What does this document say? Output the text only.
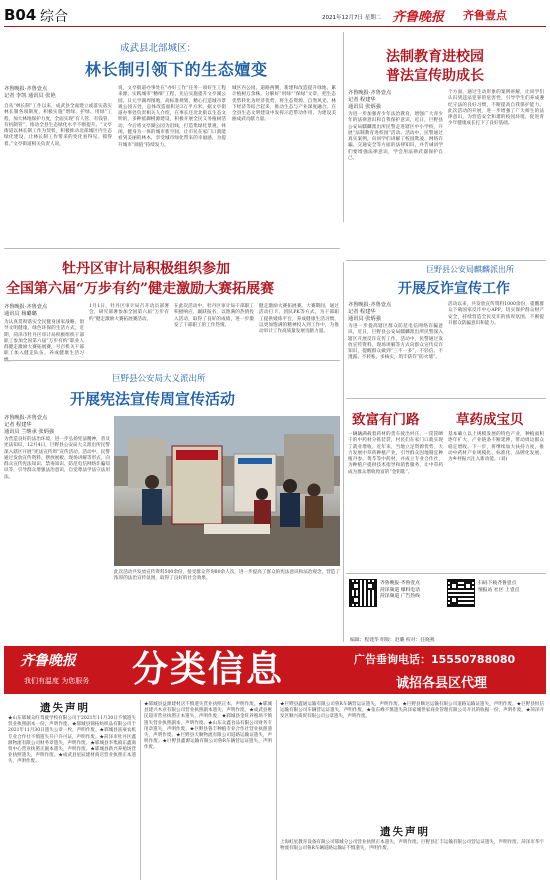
B04 综合	2021年12月7日 星期二 齐鲁晚报 齐鲁壹点
成武县北部城区：
林长制引领下的生态嬗变
齐鲁晚报·齐鲁壹点
记者 李凯 通讯员 张艳
自从“林长制”工作以来，成武县全面建立或落实落实林长制各项制度，积极实施“增绿、护绿、用绿”工程，加大林地保护力度，全面实现“有人管、有钱管、有机制管”，推动全县生态绿化水平不断提升。“文亭街道以林长制工作为契机，积极推动北部城区内生态绿化建设，让林长制工作带来的变化看得见、摸得着。”文亭街道相关负责人说。
说，文亭街道办事处在“办好工作”任务一项好生工程来源，实践城市“精细”工程，先后实施提升文亭湖公园、日元亨湖周围地，高标准规划，精心打造城市景观公园五处，总体改造面积达3万平方米。据文亭街道办事处负责相关人介绍，在事长还北北街以生态文明的，多种抵御桃源建设，积极开展全民义务植树活动，今后将文亭湖公园为沿线，打造集绿化景观、休闲、健身为一体的城市新空间，让市民在家门口就能看到美丽的林木，享受城市绿化带来的幸福感，为提升城市“颜值”持续发力。
城区内公园、道路两侧，新建和改造提升绿地，累计植树万余株。分解好“用绿”“保绿”文章，把生态优势转化为经济优势，将生态资源、自然风光、林下经济等结合起来，推动生态与产业深度融合，在全县生态文明建设中发挥示范带动作用，为建设美丽成武贡献力量。
法制教育进校园
普法宣传助成长
齐鲁晚报·齐鲁壹点
记者 程建华
通讯员 张炳强
为进一步加强青少年法治教育，增强广大青少年的法律意识和自我保护意识，近日，巨野县公安局麒麟派出所民警走进辖区中小学校，开展“法制教育进校园”活动。活动中，民警通过真实案例，向同学们讲解了校园欺凌、网络诈骗、交通安全等方面的法律知识，并告诫同学们要增强法律意识，学会用法律武器保护自己。
个方面，通过生动形象的案例讲解，让同学们认识到违法犯罪的危害性，引导学生们养成遵纪守法的良好习惯，不断提高自我保护能力。此次活动的开展，进一步增强了广大师生的法律意识，为营造安全和谐的校园环境，促进青少年健康成长打下了良好基础。
巨野县公安局麒麟派出所
开展反诈宣传工作
齐鲁晚报·齐鲁壹点
记者 程建华
通讯员 张炳强
为进一步提高辖区群众防范电信网络诈骗意识，近日，巨野县公安局麒麟派出所民警深入辖区开展反诈宣传工作。活动中，民警通过发放宣传资料、现场讲解等方式向群众宣传反诈知识，提醒群众做到“三不一多”，不轻信、不透露、不转账、多核实，筑牢防诈“防火墙”。
活动以来，共发放宣传资料1000余份，提醒群众下载国家反诈中心APP，切实保护群众财产安全，持续营造全民反诈的浓厚氛围，不断提升群众防骗意识和能力。
牡丹区审计局积极组织参加
全国第六届“万步有约”健走激励大赛拓展赛
齐鲁晚报·齐鲁壹点
通讯员 杨璐璐
为认真贯彻落实全民健身国家战略，倡导文明健康、绿色环保的生活方式，近期，菏泽市牡丹区审计局积极组织干部职工参加全国第六届“万步有约”职业人群健走激励大赛拓展赛，号召机关干部职工加入健走队伍，养成健康生活习惯。
1月1日，牡丹区审计局召开动员部署会，研究部署参加全国第六届“万步有约”健走激励大赛拓展赛活动。
在此次活动中，牡丹区审计局干部职工积极响应，踊跃报名，以饱满的热情投入活动，取得了良好的成绩，进一步激发了干部职工的工作热情。
健走激励大赛拓展赛。大赛期间，通过活动打卡、团队PK等方式，为干部职工提供锻炼平台，养成健康生活习惯，以更加饱满的精神投入到工作中，为推动审计工作高质量发展贡献力量。
巨野县公安局大义派出所
开展宪法宣传周宣传活动
齐鲁晚报·齐鲁壹点
记者 程建华
通讯员 兰继承 张炳强
为营造良好的法治环境，进一步弘扬宪法精神，普及宪法知识，12月4日，巨野县公安局大义派出所民警深入辖区开展“宪法宣传周”宣传活动。活动中，民警通过发放宣传资料、摆放展板、现场讲解等形式，向群众宣传宪法知识、禁毒知识、防范电信网络诈骗知识等，引导群众增强法治意识，自觉尊法学法守法用法。
此次活动共发放宣传资料500余份，接受群众咨询80余人次，进一步提高了群众的宪法意识和法治观念，营造了浓厚的法治宣传氛围，取得了良好的社会效果。
致富有门路	草药成宝贝
一辆辆满载着药材的货车驶出村庄，一筐筐晒干的中药材分拣装袋，村民们在家门口就实现了就业增收。近年来，当地立足资源优势，大力发展中草药种植产业，引导群众因地制宜种植丹参、黄芩等中药材，并成立专业合作社，为种植户提供技术指导和销售服务，让中草药成为群众增收致富的“金钥匙”。
基本确立以上规模发展的特色产业，种植面积逐年扩大，产业链条不断延伸，带动周边群众稳定增收。下一步，将继续加大扶持力度，推动中药材产业规模化、标准化、品牌化发展，为乡村振兴注入新动能。（刘)
齐鲁晚报·齐鲁壹点
菏泽频道 爆料电话
菏泽频道 广告热线
扫码下载齐鲁壹点
情报站 社区 上壹点
编辑：程建华 组版：赵璐 校对：任晓燕
齐鲁晚报
我们有温度 为您服务 分类信息	广告垂询电话：15550788080
诚招各县区代理
遗失声明
★山东郓城众旺驾驶学校有限公司于2021年11月30日不慎遗失营业执照副本一份，声明作废。★郓城县锦拓纺织品有限公司于2021年11月30日遗失公章一枚，声明作废。★郓城县富豪农机专业合作社不慎遗失开户许可证，声明作废。★菏泽市牡丹区鑫源物流有限公司财务章遗失，声明作废。★郓城县李集镇东鑫商贸中心营业执照正副本遗失，声明作废。★郓城县新兴养殖场营业执照遗失，声明作废。★成武县星辰建材商店营业执照正本遗失，声明作废。
★郓城县益源建材店不慎遗失营业执照正本，声明作废。★郓城县建兴木业有限公司营业执照副本遗失，声明作废。★成武县惠民超市营业执照正本遗失，声明作废。★郓城县金旺养殖场不慎遗失营业执照副本，声明作废。★山东众鑫食品有限公司财务专用章遗失，声明作废。★巨野县鲁丰种植专业合作社营业执照遗失，声明作废。★巨野县天顺物流有限公司道路运输证遗失，声明作废。★巨野县鑫源运输有限公司鲁R车辆营运证遗失，声明作废。
★巨野县鑫通运输有限公司鲁R车辆营运证遗失，声明作废。★巨野县顺达运输有限公司道路运输证遗失，声明作废。★巨野县恒信运输有限公司车辆营运证遗失，声明作废。★张东峰不慎遗失菏泽家城世家商业管理有限公司开具的收据一份，声明作废。★菏泽开发区顺兴商贸有限公司公章遗失，声明作废。
遗失声明
上海虹星教育设备有限公司郓城分公司营业执照正本遗失，声明作废。巨野县汇丰运输有限公司营运证遗失，声明作废。菏泽市华宇物流有限公司鲁R车辆道路运输证不慎遗失，声明作废。
